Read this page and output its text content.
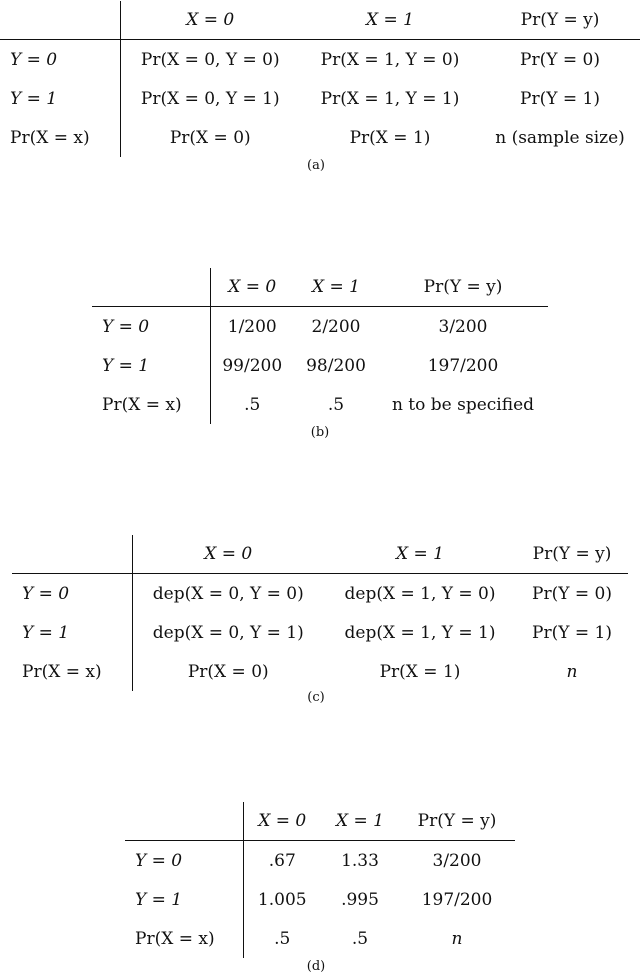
	X = 0	X = 1	Pr(Y = y)
Y = 0	Pr(X = 0, Y = 0)	Pr(X = 1, Y = 0)	Pr(Y = 0)
Y = 1	Pr(X = 0, Y = 1)	Pr(X = 1, Y = 1)	Pr(Y = 1)
Pr(X = x)	Pr(X = 0)	Pr(X = 1)	n (sample size)
(a)
	X = 0	X = 1	Pr(Y = y)
Y = 0	1/200	2/200	3/200
Y = 1	99/200	98/200	197/200
Pr(X = x)	.5	.5	n to be specified
(b)
	X = 0	X = 1	Pr(Y = y)
Y = 0	dep(X = 0, Y = 0)	dep(X = 1, Y = 0)	Pr(Y = 0)
Y = 1	dep(X = 0, Y = 1)	dep(X = 1, Y = 1)	Pr(Y = 1)
Pr(X = x)	Pr(X = 0)	Pr(X = 1)	n
(c)
	X = 0	X = 1	Pr(Y = y)
Y = 0	.67	1.33	3/200
Y = 1	1.005	.995	197/200
Pr(X = x)	.5	.5	n
(d)
